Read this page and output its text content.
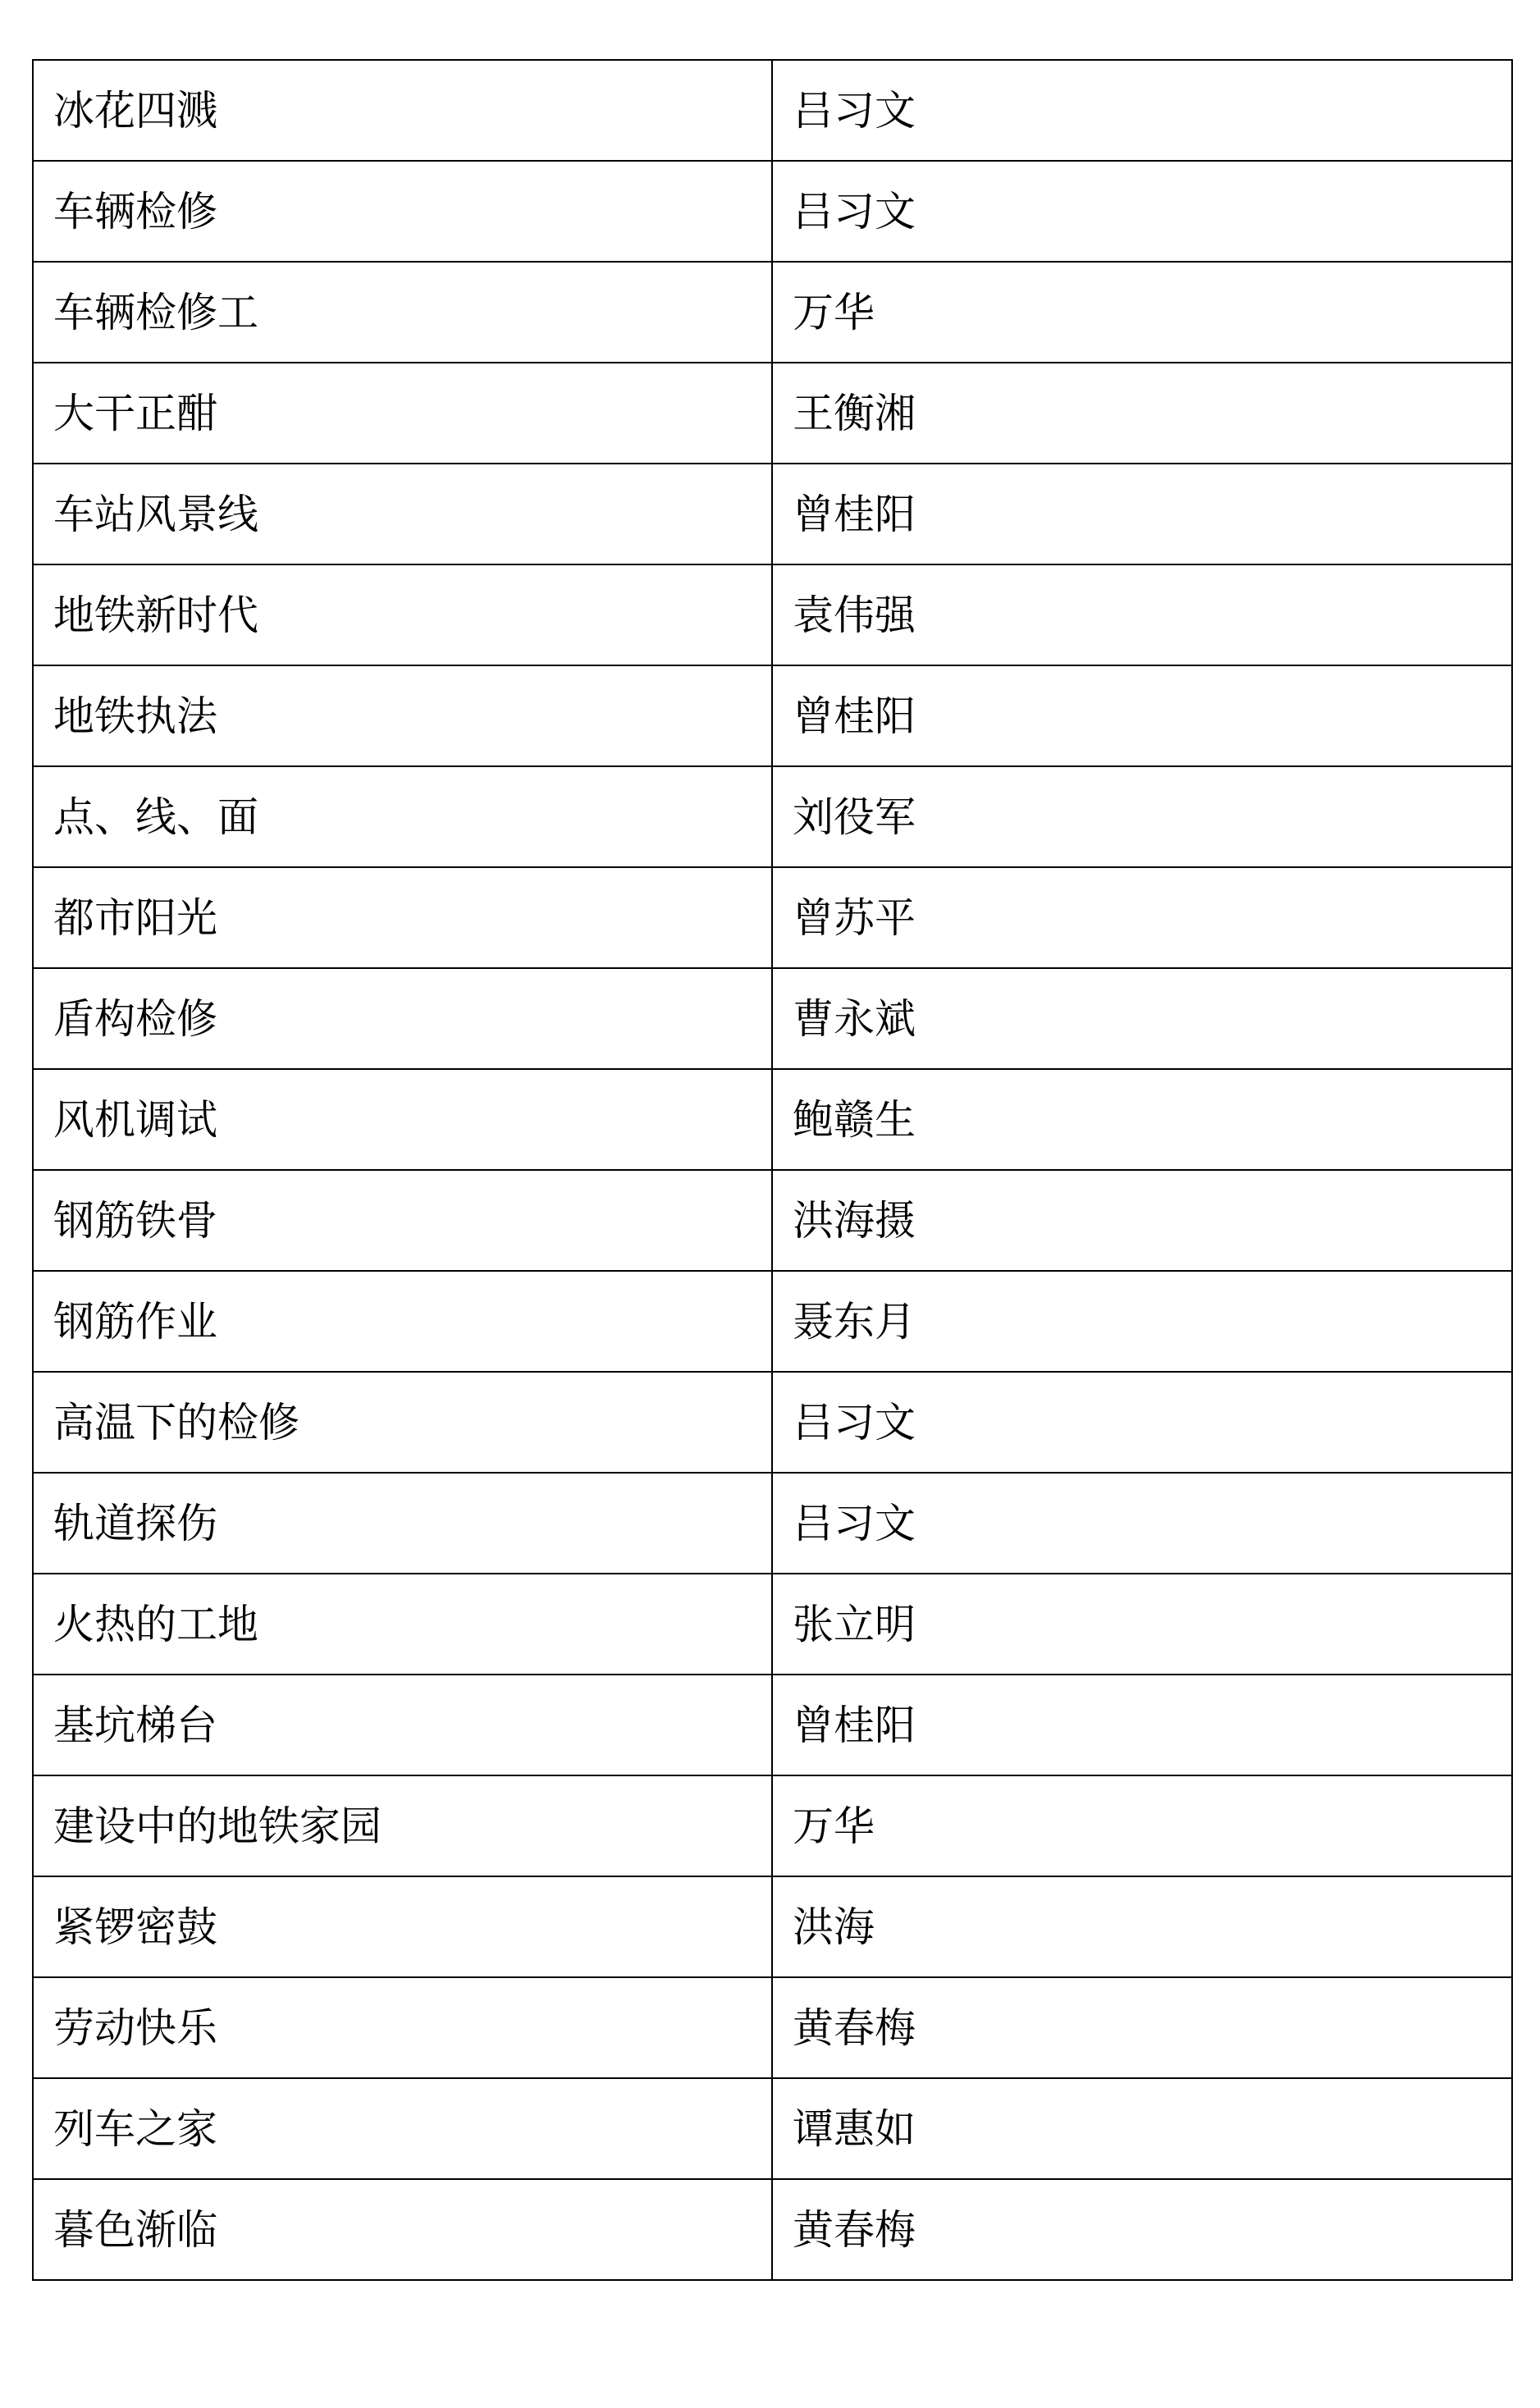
冰花四溅	吕习文
车辆检修	吕习文
车辆检修工	万华
大干正酣	王衡湘
车站风景线	曾桂阳
地铁新时代	袁伟强
地铁执法	曾桂阳
点、线、面	刘役军
都市阳光	曾苏平
盾构检修	曹永斌
风机调试	鲍赣生
钢筋铁骨	洪海摄
钢筋作业	聂东月
高温下的检修	吕习文
轨道探伤	吕习文
火热的工地	张立明
基坑梯台	曾桂阳
建设中的地铁家园	万华
紧锣密鼓	洪海
劳动快乐	黄春梅
列车之家	谭惠如
暮色渐临	黄春梅
